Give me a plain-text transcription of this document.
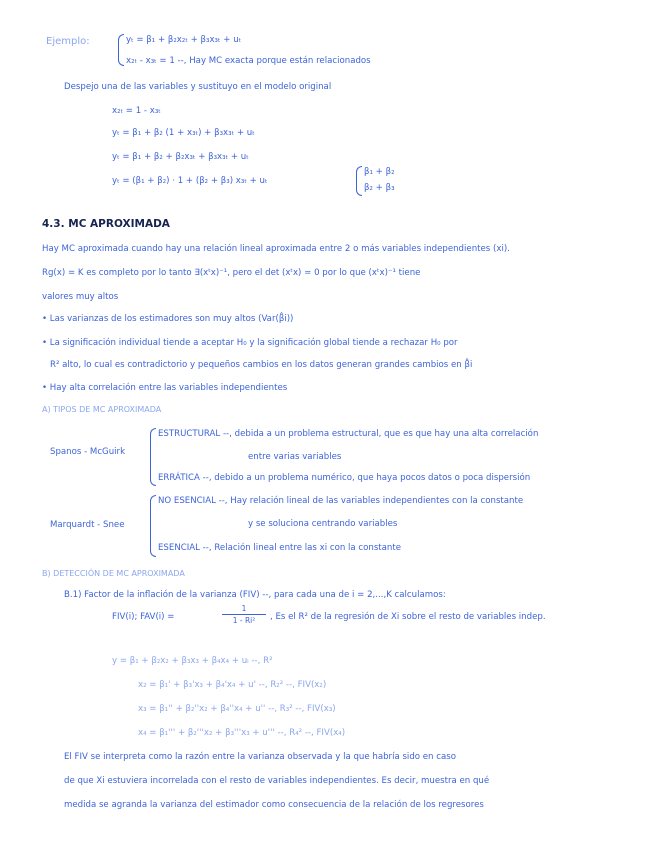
Ejemplo:	yₜ = β₁ + β₂x₂ₜ + β₃x₃ₜ + uₜ
x₂ₜ - x₃ₜ = 1 --, Hay MC exacta porque están relacionados
Despejo una de las variables y sustituyo en el modelo original
x₂ₜ = 1 - x₃ₜ
yₜ = β₁ + β₂ (1 + x₃ₜ) + β₃x₃ₜ + uₜ
yₜ = β₁ + β₂ + β₂x₃ₜ + β₃x₃ₜ + uₜ
yₜ = (β₁ + β₂) · 1 + (β₂ + β₃) x₃ₜ + uₜ
β₁ + β₂
β₂ + β₃
4.3. MC APROXIMADA
Hay MC aproximada cuando hay una relación lineal aproximada entre 2 o más variables independientes (xi).
Rg(x) = K es completo por lo tanto ∃(xᵗx)⁻¹, pero el det (xᵗx) ≃ 0 por lo que (xᵗx)⁻¹ tiene
valores muy altos
• Las varianzas de los estimadores son muy altos (Var(β̂i))
• La significación individual tiende a aceptar H₀ y la significación global tiende a rechazar H₀ por
R² alto, lo cual es contradictorio y pequeños cambios en los datos generan grandes cambios en β̂i
• Hay alta correlación entre las variables independientes
A) TIPOS DE MC APROXIMADA
Spanos - McGuirk
ESTRUCTURAL --, debida a un problema estructural, que es que hay una alta correlación
entre varias variables
ERRÁTICA --, debido a un problema numérico, que haya pocos datos o poca dispersión
Marquardt - Snee
NO ESENCIAL --, Hay relación lineal de las variables independientes con la constante
y se soluciona centrando variables
ESENCIAL --, Relación lineal entre las xi con la constante
B) DETECCIÓN DE MC APROXIMADA
B.1) Factor de la inflación de la varianza (FIV) --, para cada una de i = 2,...,K calculamos:
FIV(i); FAV(i) =
1
1 - Ri²	, Es el R² de la regresión de Xi sobre el resto de variables indep.
y = β₁ + β₂x₂ + β₃x₃ + β₄x₄ + uᵢ --, R²
x₂ = β₁' + β₃'x₃ + β₄'x₄ + u' --, R₂² --, FIV(x₂)
x₃ = β₁'' + β₂''x₂ + β₄''x₄ + u'' --, R₃² --, FIV(x₃)
x₄ = β₁''' + β₂'''x₂ + β₃'''x₃ + u''' --, R₄² --, FIV(x₄)
El FIV se interpreta como la razón entre la varianza observada y la que habría sido en caso
de que Xi estuviera incorrelada con el resto de variables independientes. Es decir, muestra en qué
medida se agranda la varianza del estimador como consecuencia de la relación de los regresores
